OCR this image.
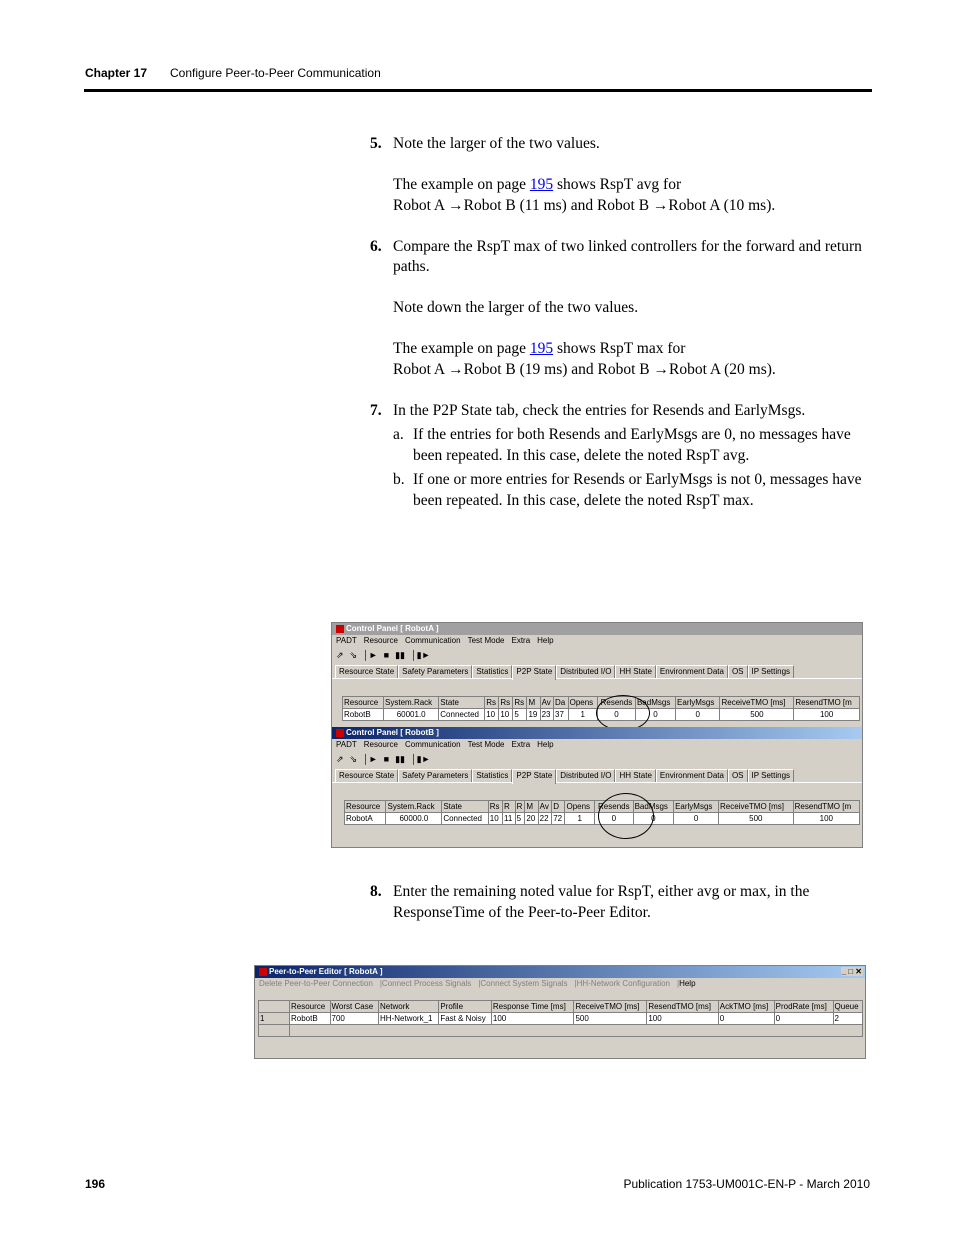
Chapter 17 Configure Peer-to-Peer Communication
5. Note the larger of the two values.

The example on page 195 shows RspT avg for

Robot A →Robot B (11 ms) and Robot B →Robot A (10 ms).

6. Compare the RspT max of two linked controllers for the forward and return paths.

Note down the larger of the two values.

The example on page 195 shows RspT max for

Robot A →Robot B (19 ms) and Robot B →Robot A (20 ms).

7. In the P2P State tab, check the entries for Resends and EarlyMsgs.

a. If the entries for both Resends and EarlyMsgs are 0, no messages have been repeated. In this case, delete the noted RspT avg.
b. If one or more entries for Resends or EarlyMsgs is not 0, messages have been repeated. In this case, delete the noted RspT max.
Control Panel [ RobotA ]
PADT Resource Communication Test Mode Extra Help
⇗ ⇘ │► ■ ▮▮ │▮►
Resource State Safety Parameters Statistics P2P State Distributed I/O HH State Environment Data OS IP Settings
Resource	System.Rack	State	Rs	Rs	Rs	M	Av	Da	Opens	Resends	BadMsgs	EarlyMsgs	ReceiveTMO [ms]	ResendTMO [m
RobotB	60001.0	Connected	10	10	5	19	23	37	1	0	0	0	500	100
Control Panel [ RobotB ]
PADT Resource Communication Test Mode Extra Help
⇗ ⇘ │► ■ ▮▮ │▮►
Resource State Safety Parameters Statistics P2P State Distributed I/O HH State Environment Data OS IP Settings
Resource	System.Rack	State	Rs	R	R	M	Av	D	Opens	Resends	BadMsgs	EarlyMsgs	ReceiveTMO [ms]	ResendTMO [m
RobotA	60000.0	Connected	10	11	5	20	22	72	1	0	0	0	500	100
8. Enter the remaining noted value for RspT, either avg or max, in the ResponseTime of the Peer-to-Peer Editor.

Peer-to-Peer Editor [ RobotA ]	_ □ ✕
Delete Peer-to-Peer Connection |Connect Process Signals |Connect System Signals |HH-Network Configuration |Help
	Resource	Worst Case	Network	Profile	Response Time [ms]	ReceiveTMO [ms]	ResendTMO [ms]	AckTMO [ms]	ProdRate [ms]	Queue
1	RobotB	700	HH-Network_1	Fast & Noisy	100	500	100	0	0	2

196	Publication 1753-UM001C-EN-P - March 2010
